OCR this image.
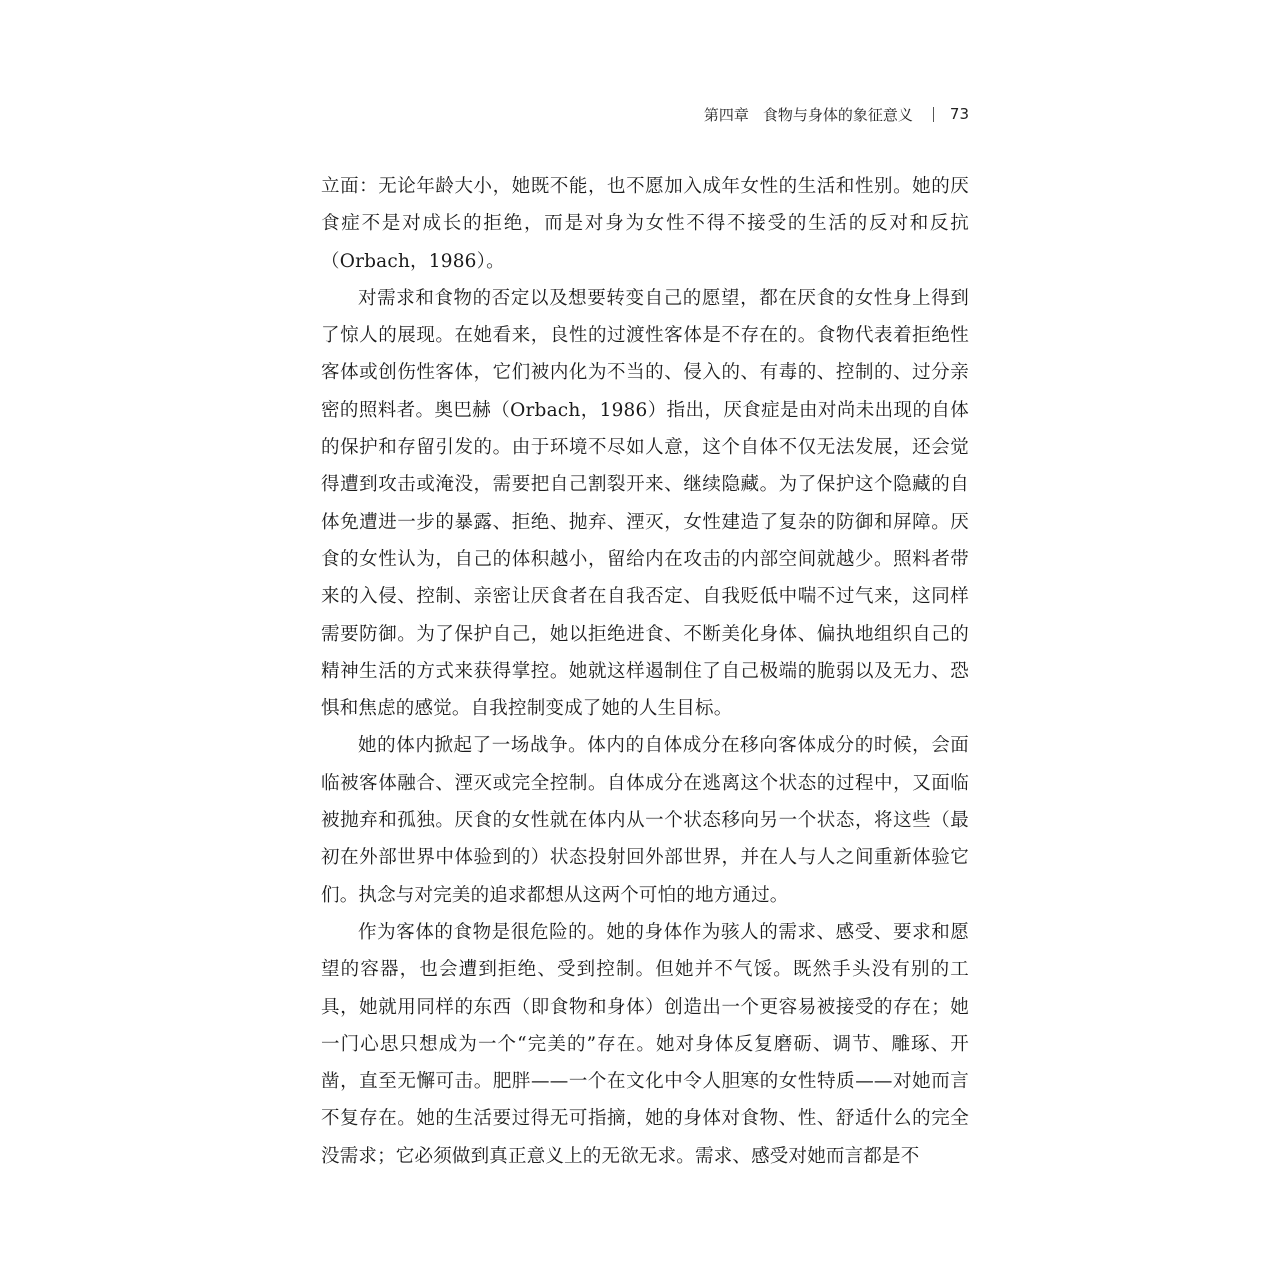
第四章 食物与身体的象征意义 73

立面：无论年龄大小，她既不能，也不愿加入成年女性的生活和性别。她的厌食症不是对成长的拒绝，而是对身为女性不得不接受的生活的反对和反抗（Orbach，1986）。

对需求和食物的否定以及想要转变自己的愿望，都在厌食的女性身上得到了惊人的展现。在她看来，良性的过渡性客体是不存在的。食物代表着拒绝性客体或创伤性客体，它们被内化为不当的、侵入的、有毒的、控制的、过分亲密的照料者。奥巴赫（Orbach，1986）指出，厌食症是由对尚未出现的自体的保护和存留引发的。由于环境不尽如人意，这个自体不仅无法发展，还会觉得遭到攻击或淹没，需要把自己割裂开来、继续隐藏。为了保护这个隐藏的自体免遭进一步的暴露、拒绝、抛弃、湮灭，女性建造了复杂的防御和屏障。厌食的女性认为，自己的体积越小，留给内在攻击的内部空间就越少。照料者带来的入侵、控制、亲密让厌食者在自我否定、自我贬低中喘不过气来，这同样需要防御。为了保护自己，她以拒绝进食、不断美化身体、偏执地组织自己的精神生活的方式来获得掌控。她就这样遏制住了自己极端的脆弱以及无力、恐惧和焦虑的感觉。自我控制变成了她的人生目标。

她的体内掀起了一场战争。体内的自体成分在移向客体成分的时候，会面临被客体融合、湮灭或完全控制。自体成分在逃离这个状态的过程中，又面临被抛弃和孤独。厌食的女性就在体内从一个状态移向另一个状态，将这些（最初在外部世界中体验到的）状态投射回外部世界，并在人与人之间重新体验它们。执念与对完美的追求都想从这两个可怕的地方通过。

作为客体的食物是很危险的。她的身体作为骇人的需求、感受、要求和愿望的容器，也会遭到拒绝、受到控制。但她并不气馁。既然手头没有别的工具，她就用同样的东西（即食物和身体）创造出一个更容易被接受的存在；她一门心思只想成为一个“完美的”存在。她对身体反复磨砺、调节、雕琢、开凿，直至无懈可击。肥胖——一个在文化中令人胆寒的女性特质——对她而言不复存在。她的生活要过得无可指摘，她的身体对食物、性、舒适什么的完全没需求；它必须做到真正意义上的无欲无求。需求、感受对她而言都是不
